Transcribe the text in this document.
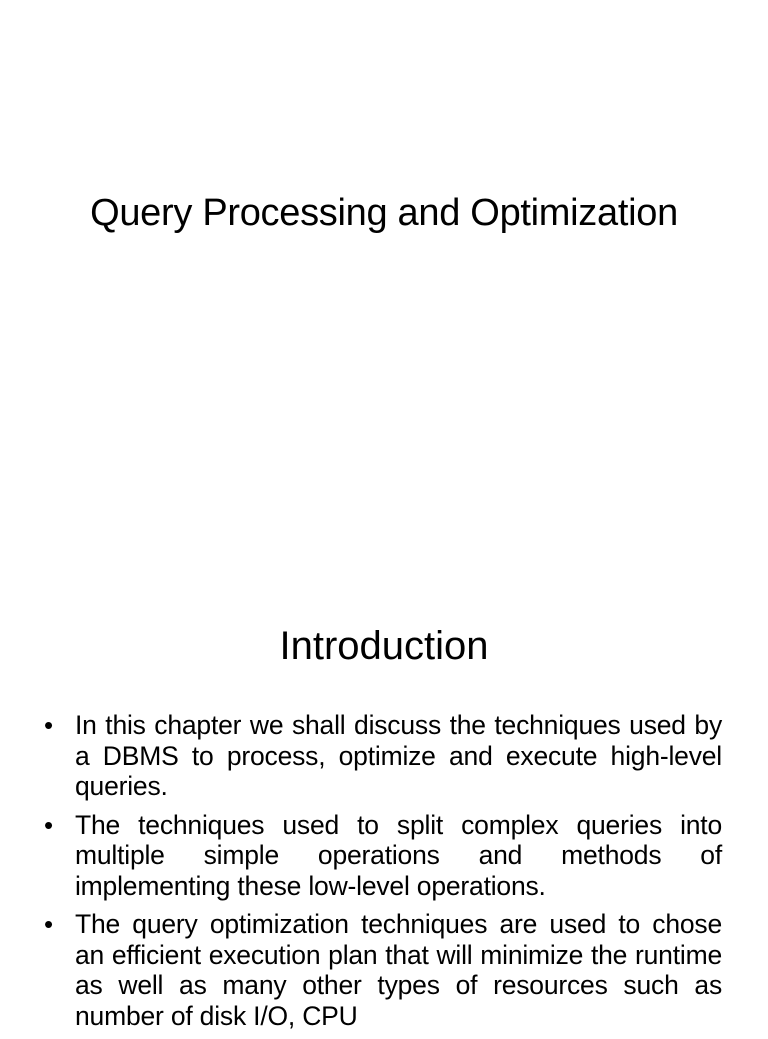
Query Processing and Optimization
Introduction
• In this chapter we shall discuss the techniques used by a DBMS to process, optimize and execute high-level queries.
• The techniques used to split complex queries into multiple simple operations and methods of implementing these low-level operations.
• The query optimization techniques are used to chose an efficient execution plan that will minimize the runtime as well as many other types of resources such as number of disk I/O, CPU
